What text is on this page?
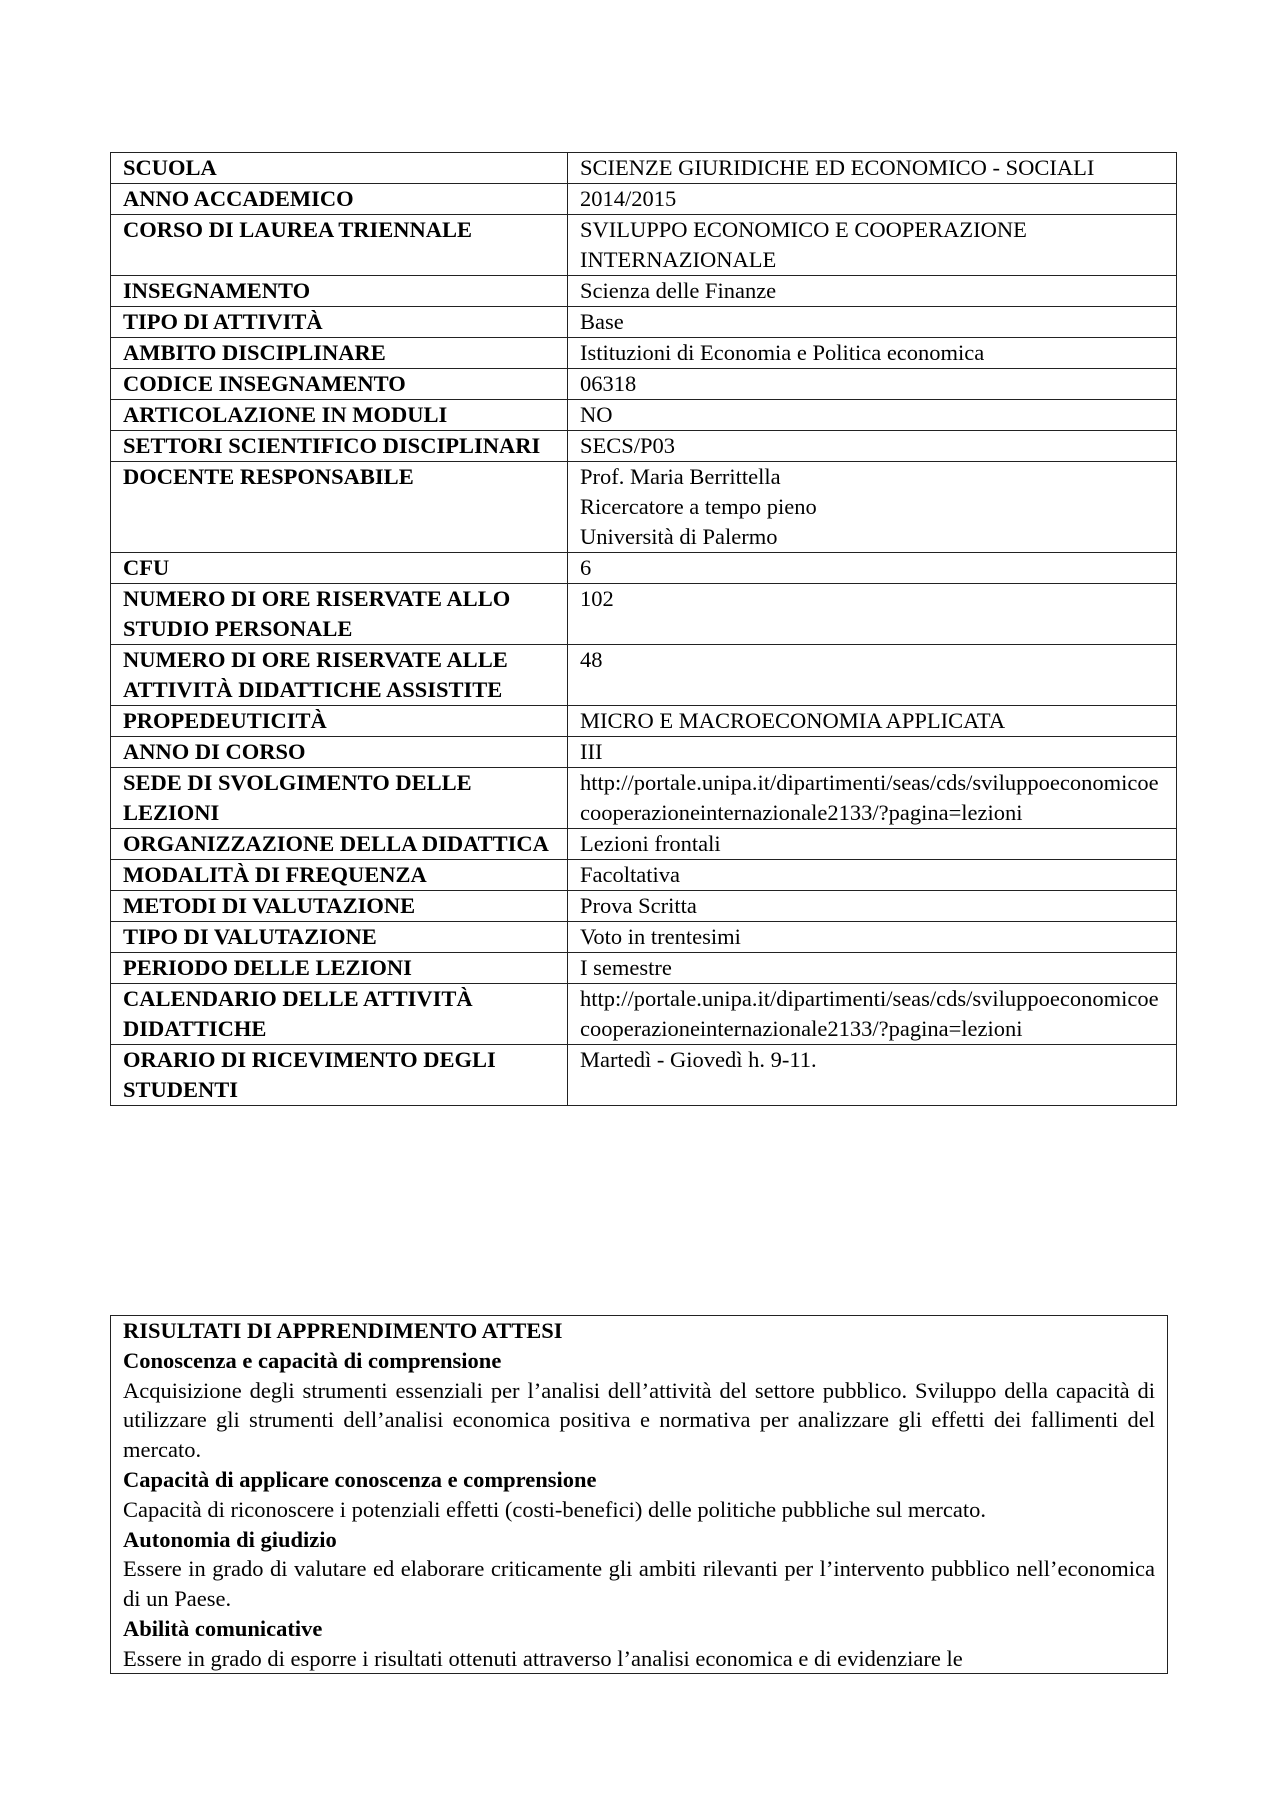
SCUOLA	SCIENZE GIURIDICHE ED ECONOMICO - SOCIALI

ANNO ACCADEMICO	2014/2015

CORSO DI LAUREA TRIENNALE	SVILUPPO ECONOMICO E COOPERAZIONE INTERNAZIONALE

INSEGNAMENTO	Scienza delle Finanze

TIPO DI ATTIVITÀ	Base

AMBITO DISCIPLINARE	Istituzioni di Economia e Politica economica

CODICE INSEGNAMENTO	06318

ARTICOLAZIONE IN MODULI	NO

SETTORI SCIENTIFICO DISCIPLINARI	SECS/P03

DOCENTE RESPONSABILE	Prof. Maria Berrittella
Ricercatore a tempo pieno
Università di Palermo

CFU	6

NUMERO DI ORE RISERVATE ALLO STUDIO PERSONALE	102

NUMERO DI ORE RISERVATE ALLE ATTIVITÀ DIDATTICHE ASSISTITE	48

PROPEDEUTICITÀ	MICRO E MACROECONOMIA APPLICATA

ANNO DI CORSO	III

SEDE DI SVOLGIMENTO DELLE LEZIONI	http://portale.unipa.it/dipartimenti/seas/cds/sviluppoeconomicoecooperazioneinternazionale2133/?pagina=lezioni

ORGANIZZAZIONE DELLA DIDATTICA	Lezioni frontali

MODALITÀ DI FREQUENZA	Facoltativa

METODI DI VALUTAZIONE	Prova Scritta

TIPO DI VALUTAZIONE	Voto in trentesimi

PERIODO DELLE LEZIONI	I semestre

CALENDARIO DELLE ATTIVITÀ DIDATTICHE	http://portale.unipa.it/dipartimenti/seas/cds/sviluppoeconomicoecooperazioneinternazionale2133/?pagina=lezioni

ORARIO DI RICEVIMENTO DEGLI STUDENTI	Martedì - Giovedì h. 9-11.
RISULTATI DI APPRENDIMENTO ATTESI
Conoscenza e capacità di comprensione
Acquisizione degli strumenti essenziali per l’analisi dell’attività del settore pubblico. Sviluppo della capacità di utilizzare gli strumenti dell’analisi economica positiva e normativa per analizzare gli effetti dei fallimenti del mercato.
Capacità di applicare conoscenza e comprensione
Capacità di riconoscere i potenziali effetti (costi-benefici) delle politiche pubbliche sul mercato.
Autonomia di giudizio
Essere in grado di valutare ed elaborare criticamente gli ambiti rilevanti per l’intervento pubblico nell’economica di un Paese.
Abilità comunicative
Essere in grado di esporre i risultati ottenuti attraverso l’analisi economica e di evidenziare le
